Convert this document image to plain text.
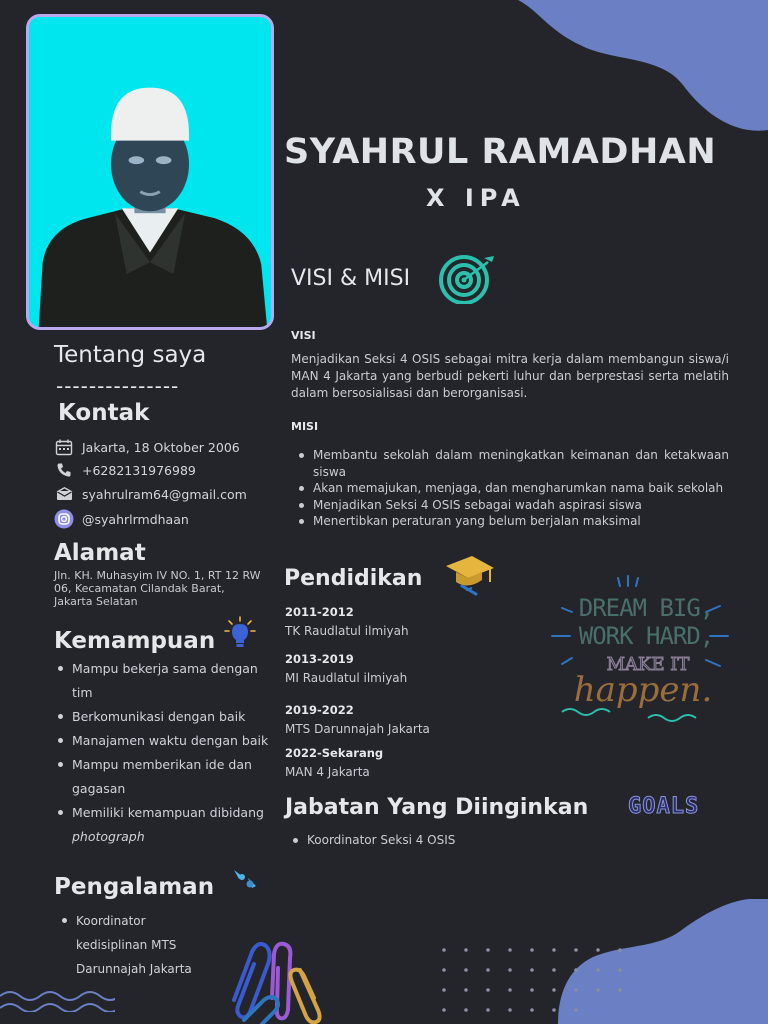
SYAHRUL RAMADHAN
X IPA
Tentang saya
---------------
Kontak
Jakarta, 18 Oktober 2006
+6282131976989
syahrulram64@gmail.com
@syahrlrmdhaan
Alamat
Jln. KH. Muhasyim IV NO. 1, RT 12 RW 06, Kecamatan Cilandak Barat, Jakarta Selatan
Kemampuan
Mampu bekerja sama dengan tim
Berkomunikasi dengan baik
Manajamen waktu dengan baik
Mampu memberikan ide dan gagasan
Memiliki kemampuan dibidang photograph
Pengalaman
Koordinator kedisiplinan MTS Darunnajah Jakarta
VISI & MISI
VISI
Menjadikan Seksi 4 OSIS sebagai mitra kerja dalam membangun siswa/i MAN 4 Jakarta yang berbudi pekerti luhur dan berprestasi serta melatih dalam bersosialisasi dan berorganisasi.
MISI
Membantu sekolah dalam meningkatkan keimanan dan ketakwaan siswa
Akan memajukan, menjaga, dan mengharumkan nama baik sekolah
Menjadikan Seksi 4 OSIS sebagai wadah aspirasi siswa
Menertibkan peraturan yang belum berjalan maksimal
Pendidikan
2011-2012
TK Raudlatul ilmiyah
2013-2019
MI Raudlatul ilmiyah
2019-2022
MTS Darunnajah Jakarta
2022-Sekarang
MAN 4 Jakarta
DREAM BIG,
WORK HARD,
MAKE IT
happen.
Jabatan Yang Diinginkan GOALS
Koordinator Seksi 4 OSIS
